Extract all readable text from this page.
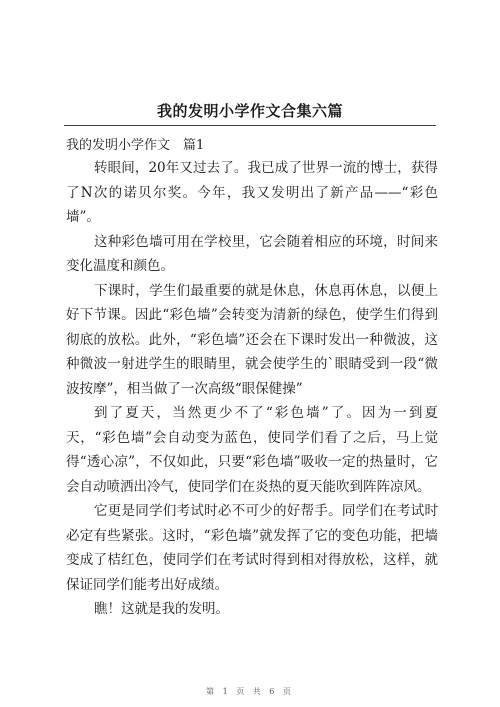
我的发明小学作文合集六篇
我的发明小学作文　篇1

转眼间，20年又过去了。我已成了世界一流的博士，获得了N次的诺贝尔奖。今年，我又发明出了新产品——“彩色墙”。

这种彩色墙可用在学校里，它会随着相应的环境，时间来变化温度和颜色。

下课时，学生们最重要的就是休息，休息再休息，以便上好下节课。因此“彩色墙”会转变为清新的绿色，使学生们得到彻底的放松。此外，“彩色墙”还会在下课时发出一种微波，这种微波一射进学生的眼睛里，就会使学生的`眼睛受到一段“微波按摩”，相当做了一次高级“眼保健操”

到了夏天，当然更少不了“彩色墙”了。因为一到夏天，“彩色墙”会自动变为蓝色，使同学们看了之后，马上觉得“透心凉”，不仅如此，只要“彩色墙”吸收一定的热量时，它会自动喷洒出冷气，使同学们在炎热的夏天能吹到阵阵凉风。

它更是同学们考试时必不可少的好帮手。同学们在考试时必定有些紧张。这时，“彩色墙”就发挥了它的变色功能，把墙变成了桔红色，使同学们在考试时得到相对得放松，这样，就保证同学们能考出好成绩。

瞧！这就是我的发明。

第 1 页 共 6 页
